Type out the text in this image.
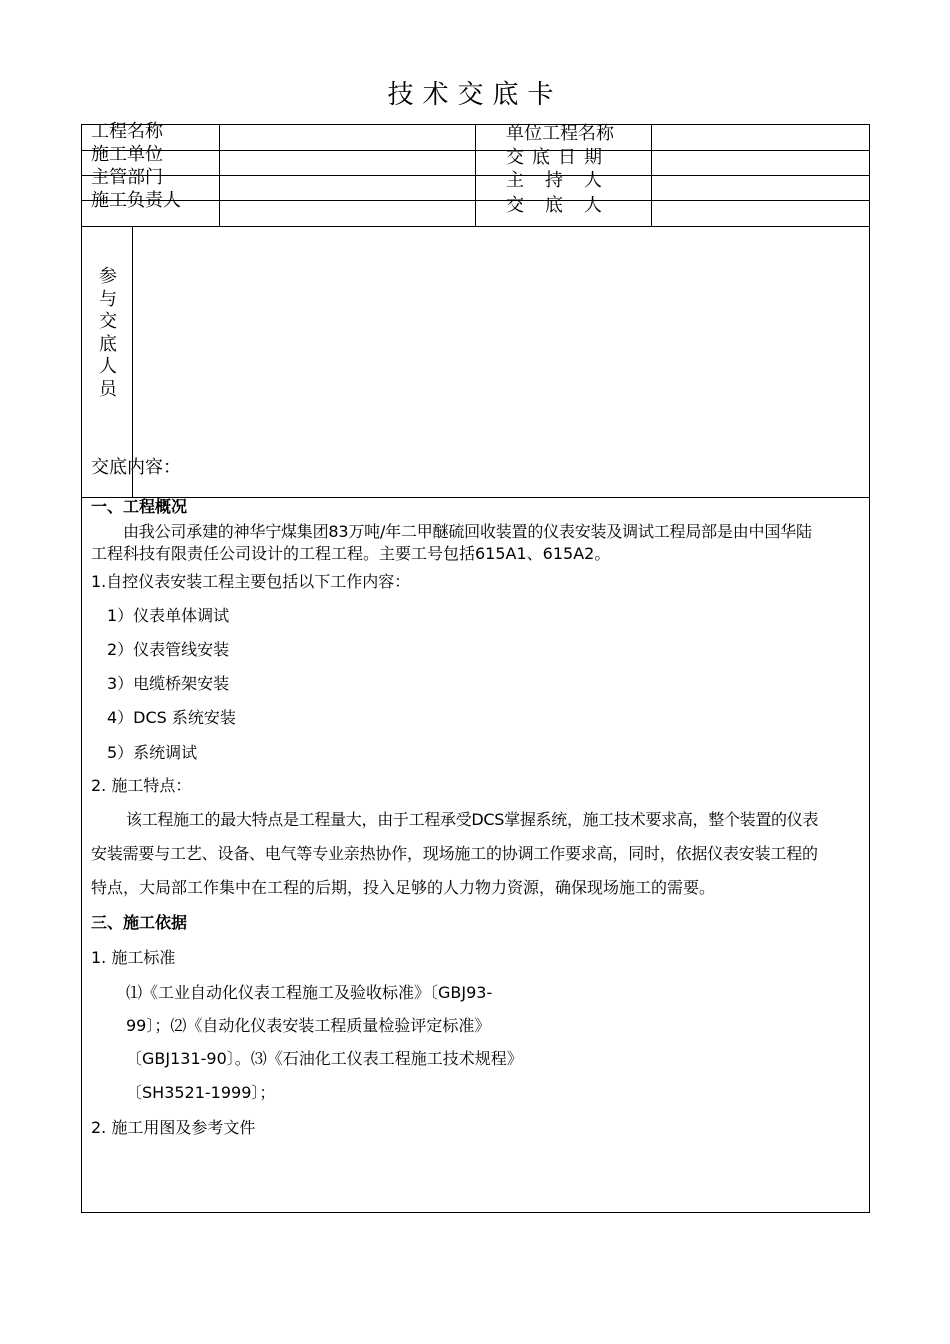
技术交底卡
工程名称
施工单位
主管部门
施工负责人
单位工程名称
交底日期
主持人
交底人
参
与
交
底
人
员
交底内容：
一、工程概况
由我公司承建的神华宁煤集团83万吨/年二甲醚硫回收装置的仪表安装及调试工程局部是由中国华陆
工程科技有限责任公司设计的工程工程。主要工号包括615A1、615A2。
1.自控仪表安装工程主要包括以下工作内容：
1）仪表单体调试
2）仪表管线安装
3）电缆桥架安装
4）DCS 系统安装
5）系统调试
2. 施工特点：
该工程施工的最大特点是工程量大，由于工程承受DCS掌握系统，施工技术要求高，整个装置的仪表
安装需要与工艺、设备、电气等专业亲热协作，现场施工的协调工作要求高，同时，依据仪表安装工程的
特点，大局部工作集中在工程的后期，投入足够的人力物力资源，确保现场施工的需要。
三、施工依据
1. 施工标准
⑴《工业自动化仪表工程施工及验收标准》〔GBJ93-
99〕；⑵《自动化仪表安装工程质量检验评定标准》
〔GBJ131-90〕。⑶《石油化工仪表工程施工技术规程》
〔SH3521-1999〕；
2. 施工用图及参考文件
